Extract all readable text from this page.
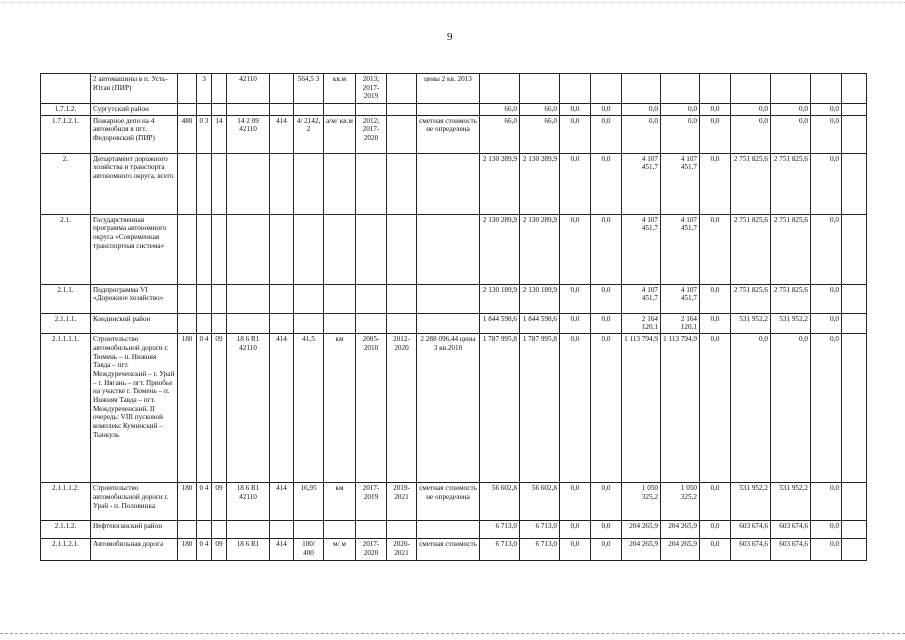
9
	2 автомашины в п. Усть-Юган (ПИР)		3		42110		564,5 3	кв.м	2013; 2017-2019		цены 2 кв. 2013											
1.7.1.2.	Сургутский район											66,0	66,0	0,0	0,0	0,0	0,0	0,0	0,0	0,0	0,0	
1.7.1.2.1.	Пожарное депо на 4 автомобиля в пгт. Федоровский (ПИР)	480	0 3	14	14 2 09 42110	414	4/ 2142, 2	а/м/ кв.м	2012; 2017-2020		сметная стоимость не определена	66,0	66,0	0,0	0,0	0,0	0,0	0,0	0,0	0,0	0,0	
2.	Департамент дорожного хозяйства и транспорта автономного округа, всего											2 130 289,9	2 130 289,9	0,0	0,0	4 107 451,7	4 107 451,7	0,0	2 751 825,6	2 751 825,6	0,0	
2.1.	Государственная программа автономного округа «Современная транспортная система»											2 130 289,9	2 130 289,9	0,0	0,0	4 107 451,7	4 107 451,7	0,0	2 751 825,6	2 751 825,6	0,0	
2.1.1.	Подпрограмма VI «Дорожное хозяйство»											2 130 189,9	2 130 189,9	0,0	0,0	4 107 451,7	4 107 451,7	0,0	2 751 825,6	2 751 825,6	0,0	
2.1.1.1.	Кондинский район											1 844 598,6	1 844 598,6	0,0	0,0	2 164 120,1	2 164 120,1	0,0	531 952,2	531 952,2	0,0	
2.1.1.1.1.	Строительство автомобильной дороги г. Тюмень – п. Нижняя Тавда – пгт. Междуреченский – г. Урай – г. Нягань – пгт. Приобье на участке г. Тюмень – п. Нижняя Тавда – пгт. Междуреченский. II очередь: VIII пусковой комплекс Куминский – Тынкуль	180	0 4	09	18 6 R1 42110	414	41,5	км	2005-2010	2012-2020	2 288 096,44 цены 3 кв.2010	1 787 995,8	1 787 995,8	0,0	0,0	1 113 794,9	1 113 794,9	0,0	0,0	0,0	0,0	
2.1.1.1.2.	Строительство автомобильной дороги г. Урай - п. Половинка	180	0 4	09	18 6 R1 42110	414	16,95	км	2017-2019	2019-2021	сметная стоимость не определена	56 602,8	56 602,8	0,0	0,0	1 050 325,2	1 050 325,2	0,0	531 952,2	531 952,2	0,0	
2.1.1.2.	Нефтеюганский район											6 713,0	6 713,0	0,0	0,0	204 265,9	204 265,9	0,0	603 674,6	603 674,6	0,0	
2.1.1.2.1.	Автомобильная дорога	180	0 4	09	18 6 R1	414	100/ 400	м/ м	2017-2020	2020-2021	сметная стоимость	6 713,0	6 713,0	0,0	0,0	204 265,9	204 265,9	0,0	603 674,6	603 674,6	0,0	
